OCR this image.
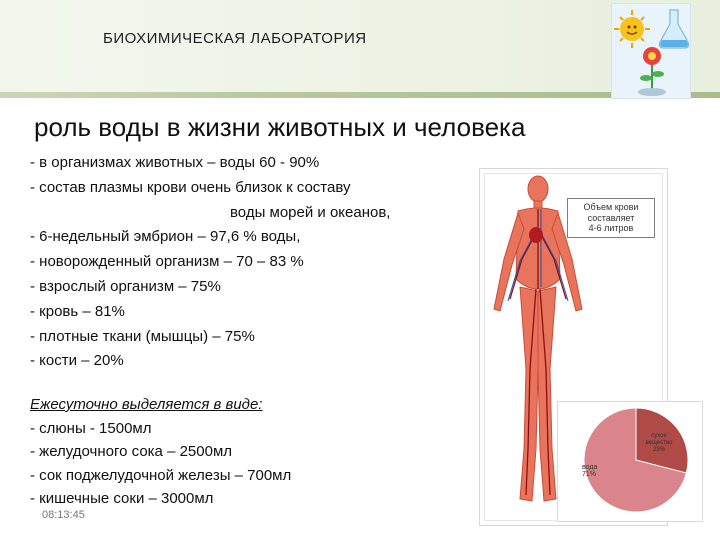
БИОХИМИЧЕСКАЯ ЛАБОРАТОРИЯ
роль воды в жизни животных и человека
- в организмах животных – воды 60 - 90%
- состав плазмы крови очень близок к составу
воды морей и океанов,
- 6-недельный эмбрион – 97,6 % воды,
- новорожденный организм – 70 – 83 %
- взрослый организм – 75%
- кровь – 81%
- плотные ткани (мышцы) – 75%
- кости – 20%
Ежесуточно выделяется в виде:
- слюны - 1500мл
- желудочного сока – 2500мл
- сок поджелудочной железы – 700мл
- кишечные соки – 3000мл
08:13:45
Объем крови
составляет
4-6 литров
вода
71%
сухое вещество
29%
